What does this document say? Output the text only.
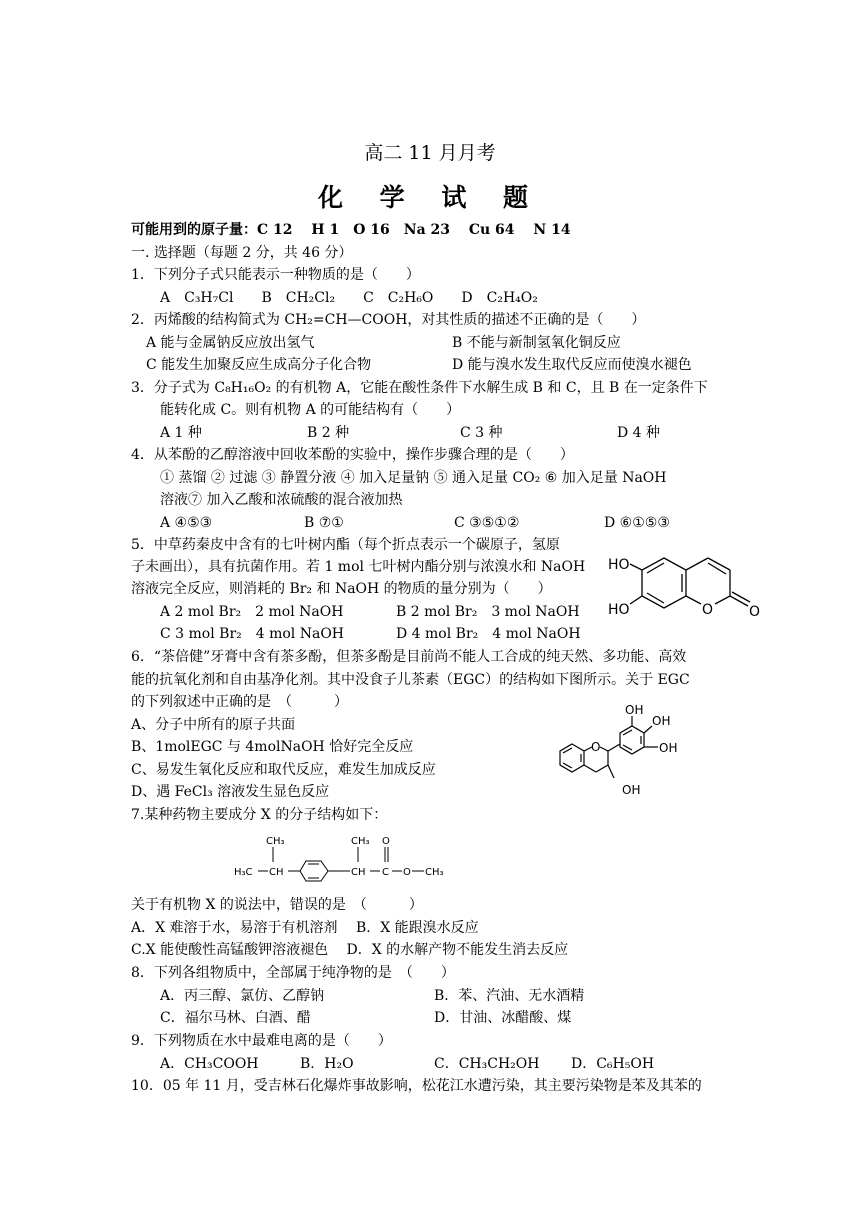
高二 11 月月考
化 学 试 题
可能用到的原子量：C 12　 H 1　O 16　Na 23　 Cu 64　 N 14
一. 选择题（每题 2 分，共 46 分）
1．下列分子式只能表示一种物质的是（　　）
A　C₃H₇Cl　　B　CH₂Cl₂　　C　C₂H₆O　　D　C₂H₄O₂
2．丙烯酸的结构简式为 CH₂=CH—COOH，对其性质的描述不正确的是（　　）
A 能与金属钠反应放出氢气	B 不能与新制氢氧化铜反应
C 能发生加聚反应生成高分子化合物	D 能与溴水发生取代反应而使溴水褪色
3．分子式为 C₈H₁₆O₂ 的有机物 A，它能在酸性条件下水解生成 B 和 C，且 B 在一定条件下
能转化成 C。则有机物 A 的可能结构有（　　）
A 1 种	B 2 种	C 3 种	D 4 种
4．从苯酚的乙醇溶液中回收苯酚的实验中，操作步骤合理的是（　　）
① 蒸馏 ② 过滤 ③ 静置分液 ④ 加入足量钠 ⑤ 通入足量 CO₂ ⑥ 加入足量 NaOH
溶液⑦ 加入乙酸和浓硫酸的混合液加热
A ④⑤③	B ⑦①	C ③⑤①②	D ⑥①⑤③
5．中草药秦皮中含有的七叶树内酯（每个折点表示一个碳原子，氢原
子未画出），具有抗菌作用。若 1 mol 七叶树内酯分别与浓溴水和 NaOH
溶液完全反应，则消耗的 Br₂ 和 NaOH 的物质的量分别为（　　）
A 2 mol Br₂　2 mol NaOH	B 2 mol Br₂　3 mol NaOH
C 3 mol Br₂　4 mol NaOH	D 4 mol Br₂　4 mol NaOH
HO
HO	O	O
6．“茶倍健”牙膏中含有茶多酚，但茶多酚是目前尚不能人工合成的纯天然、多功能、高效
能的抗氧化剂和自由基净化剂。其中没食子儿茶素（EGC）的结构如下图所示。关于 EGC
的下列叙述中正确的是　（　　　）
A、分子中所有的原子共面
B、1molEGC 与 4molNaOH 恰好完全反应
C、易发生氧化反应和取代反应，难发生加成反应
D、遇 FeCl₃ 溶液发生显色反应
O
OH
OH
OH
OH
7.某种药物主要成分 X 的分子结构如下：
CH₃
H₃C CH
CH₃
CH C
O
O CH₃
关于有机物 X 的说法中，错误的是　（　　　）
A．X 难溶于水，易溶于有机溶剂　 B．X 能跟溴水反应
C.X 能使酸性高锰酸钾溶液褪色　 D．X 的水解产物不能发生消去反应
8．下列各组物质中，全部属于纯净物的是　（　　）
A．丙三醇、氯仿、乙醇钠	B．苯、汽油、无水酒精
C．福尔马林、白酒、醋	D．甘油、冰醋酸、煤
9．下列物质在水中最难电离的是（　　）
A．CH₃COOH	B．H₂O	C．CH₃CH₂OH D．C₆H₅OH
10．05 年 11 月，受吉林石化爆炸事故影响，松花江水遭污染，其主要污染物是苯及其苯的
